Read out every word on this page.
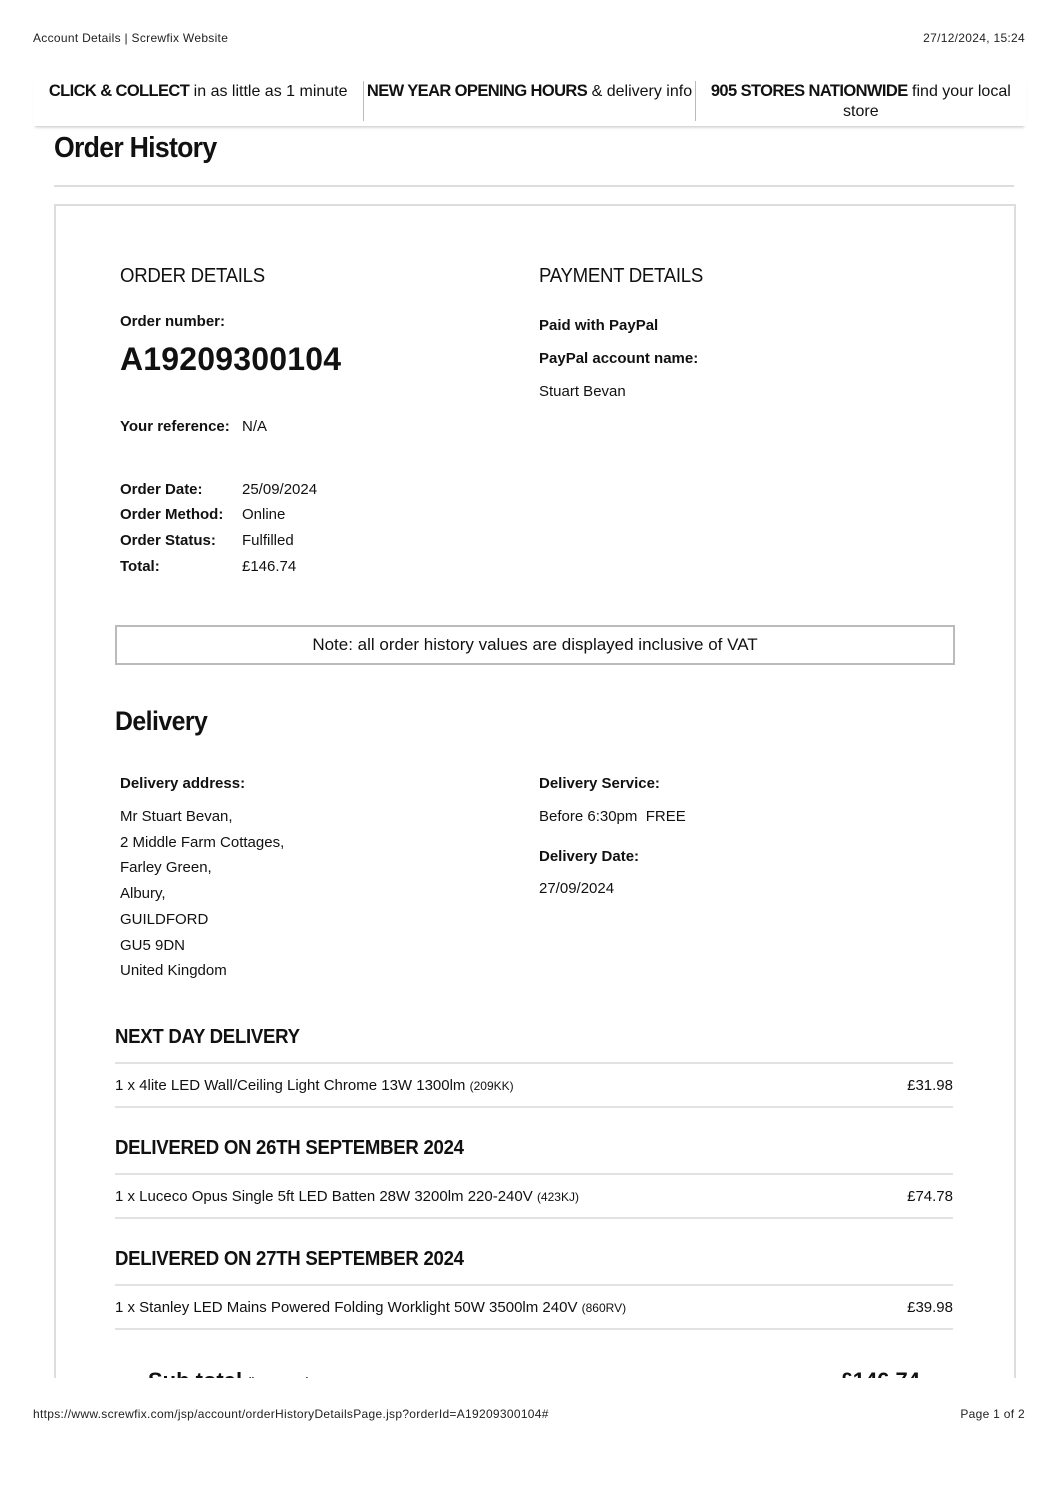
Account Details | Screwfix Website	27/12/2024, 15:24
CLICK & COLLECT in as little as 1 minute	NEW YEAR OPENING HOURS & delivery info	905 STORES NATIONWIDE find your local store
Order History
ORDER DETAILS
Order number:
A19209300104
Your reference: N/A
Order Date:	25/09/2024
Order Method: Online
Order Status: Fulfilled
Total:	£146.74
PAYMENT DETAILS
Paid with PayPal
PayPal account name:
Stuart Bevan
Note: all order history values are displayed inclusive of VAT
Delivery
Delivery address:
Mr Stuart Bevan,
2 Middle Farm Cottages,
Farley Green,
Albury,
GUILDFORD
GU5 9DN
United Kingdom
Delivery Service:
Before 6:30pm  FREE
Delivery Date:
27/09/2024
NEXT DAY DELIVERY
1 x 4lite LED Wall/Ceiling Light Chrome 13W 1300lm (209KK)	£31.98
DELIVERED ON 26TH SEPTEMBER 2024
1 x Luceco Opus Single 5ft LED Batten 28W 3200lm 220-240V (423KJ)	£74.78
DELIVERED ON 27TH SEPTEMBER 2024
1 x Stanley LED Mains Powered Folding Worklight 50W 3500lm 240V (860RV)	£39.98
https://www.screwfix.com/jsp/account/orderHistoryDetailsPage.jsp?orderId=A19209300104#	Page 1 of 2
